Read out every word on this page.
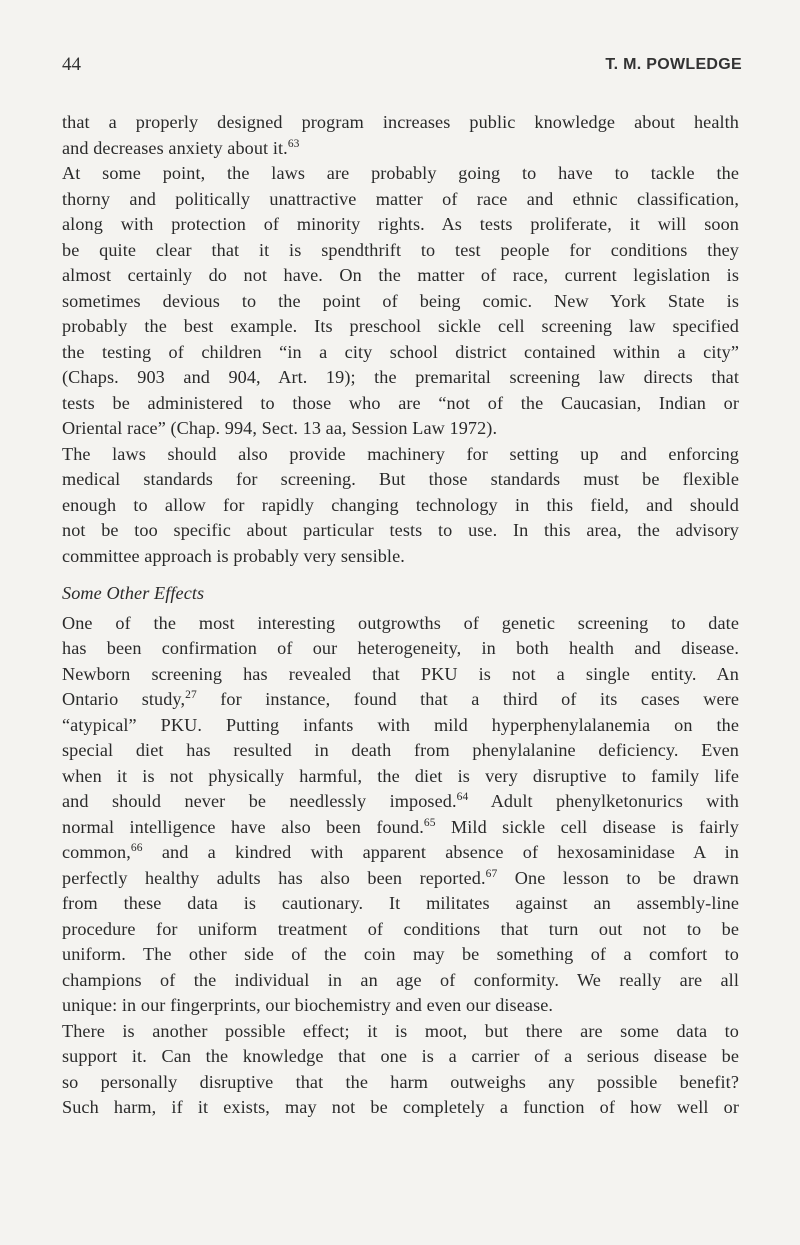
44	T. M. POWLEDGE

that a properly designed program increases public knowledge about health
and decreases anxiety about it.$^{63}$

At some point, the laws are probably going to have to tackle the
thorny and politically unattractive matter of race and ethnic classification,
along with protection of minority rights. As tests proliferate, it will soon
be quite clear that it is spendthrift to test people for conditions they
almost certainly do not have. On the matter of race, current legislation is
sometimes devious to the point of being comic. New York State is
probably the best example. Its preschool sickle cell screening law specified
the testing of children “in a city school district contained within a city”
(Chaps. 903 and 904, Art. 19); the premarital screening law directs that
tests be administered to those who are “not of the Caucasian, Indian or
Oriental race” (Chap. 994, Sect. 13 aa, Session Law 1972).

The laws should also provide machinery for setting up and enforcing
medical standards for screening. But those standards must be flexible
enough to allow for rapidly changing technology in this field, and should
not be too specific about particular tests to use. In this area, the advisory
committee approach is probably very sensible.

Some Other Effects

One of the most interesting outgrowths of genetic screening to date
has been confirmation of our heterogeneity, in both health and disease.
Newborn screening has revealed that PKU is not a single entity. An
Ontario study,$^{27}$ for instance, found that a third of its cases were
“atypical” PKU. Putting infants with mild hyperphenylalanemia on the
special diet has resulted in death from phenylalanine deficiency. Even
when it is not physically harmful, the diet is very disruptive to family life
and should never be needlessly imposed.$^{64}$ Adult phenylketonurics with
normal intelligence have also been found.$^{65}$ Mild sickle cell disease is fairly
common,$^{66}$ and a kindred with apparent absence of hexosaminidase A in
perfectly healthy adults has also been reported.$^{67}$ One lesson to be drawn
from these data is cautionary. It militates against an assembly-line
procedure for uniform treatment of conditions that turn out not to be
uniform. The other side of the coin may be something of a comfort to
champions of the individual in an age of conformity. We really are all
unique: in our fingerprints, our biochemistry and even our disease.

There is another possible effect; it is moot, but there are some data to
support it. Can the knowledge that one is a carrier of a serious disease be
so personally disruptive that the harm outweighs any possible benefit?
Such harm, if it exists, may not be completely a function of how well or
